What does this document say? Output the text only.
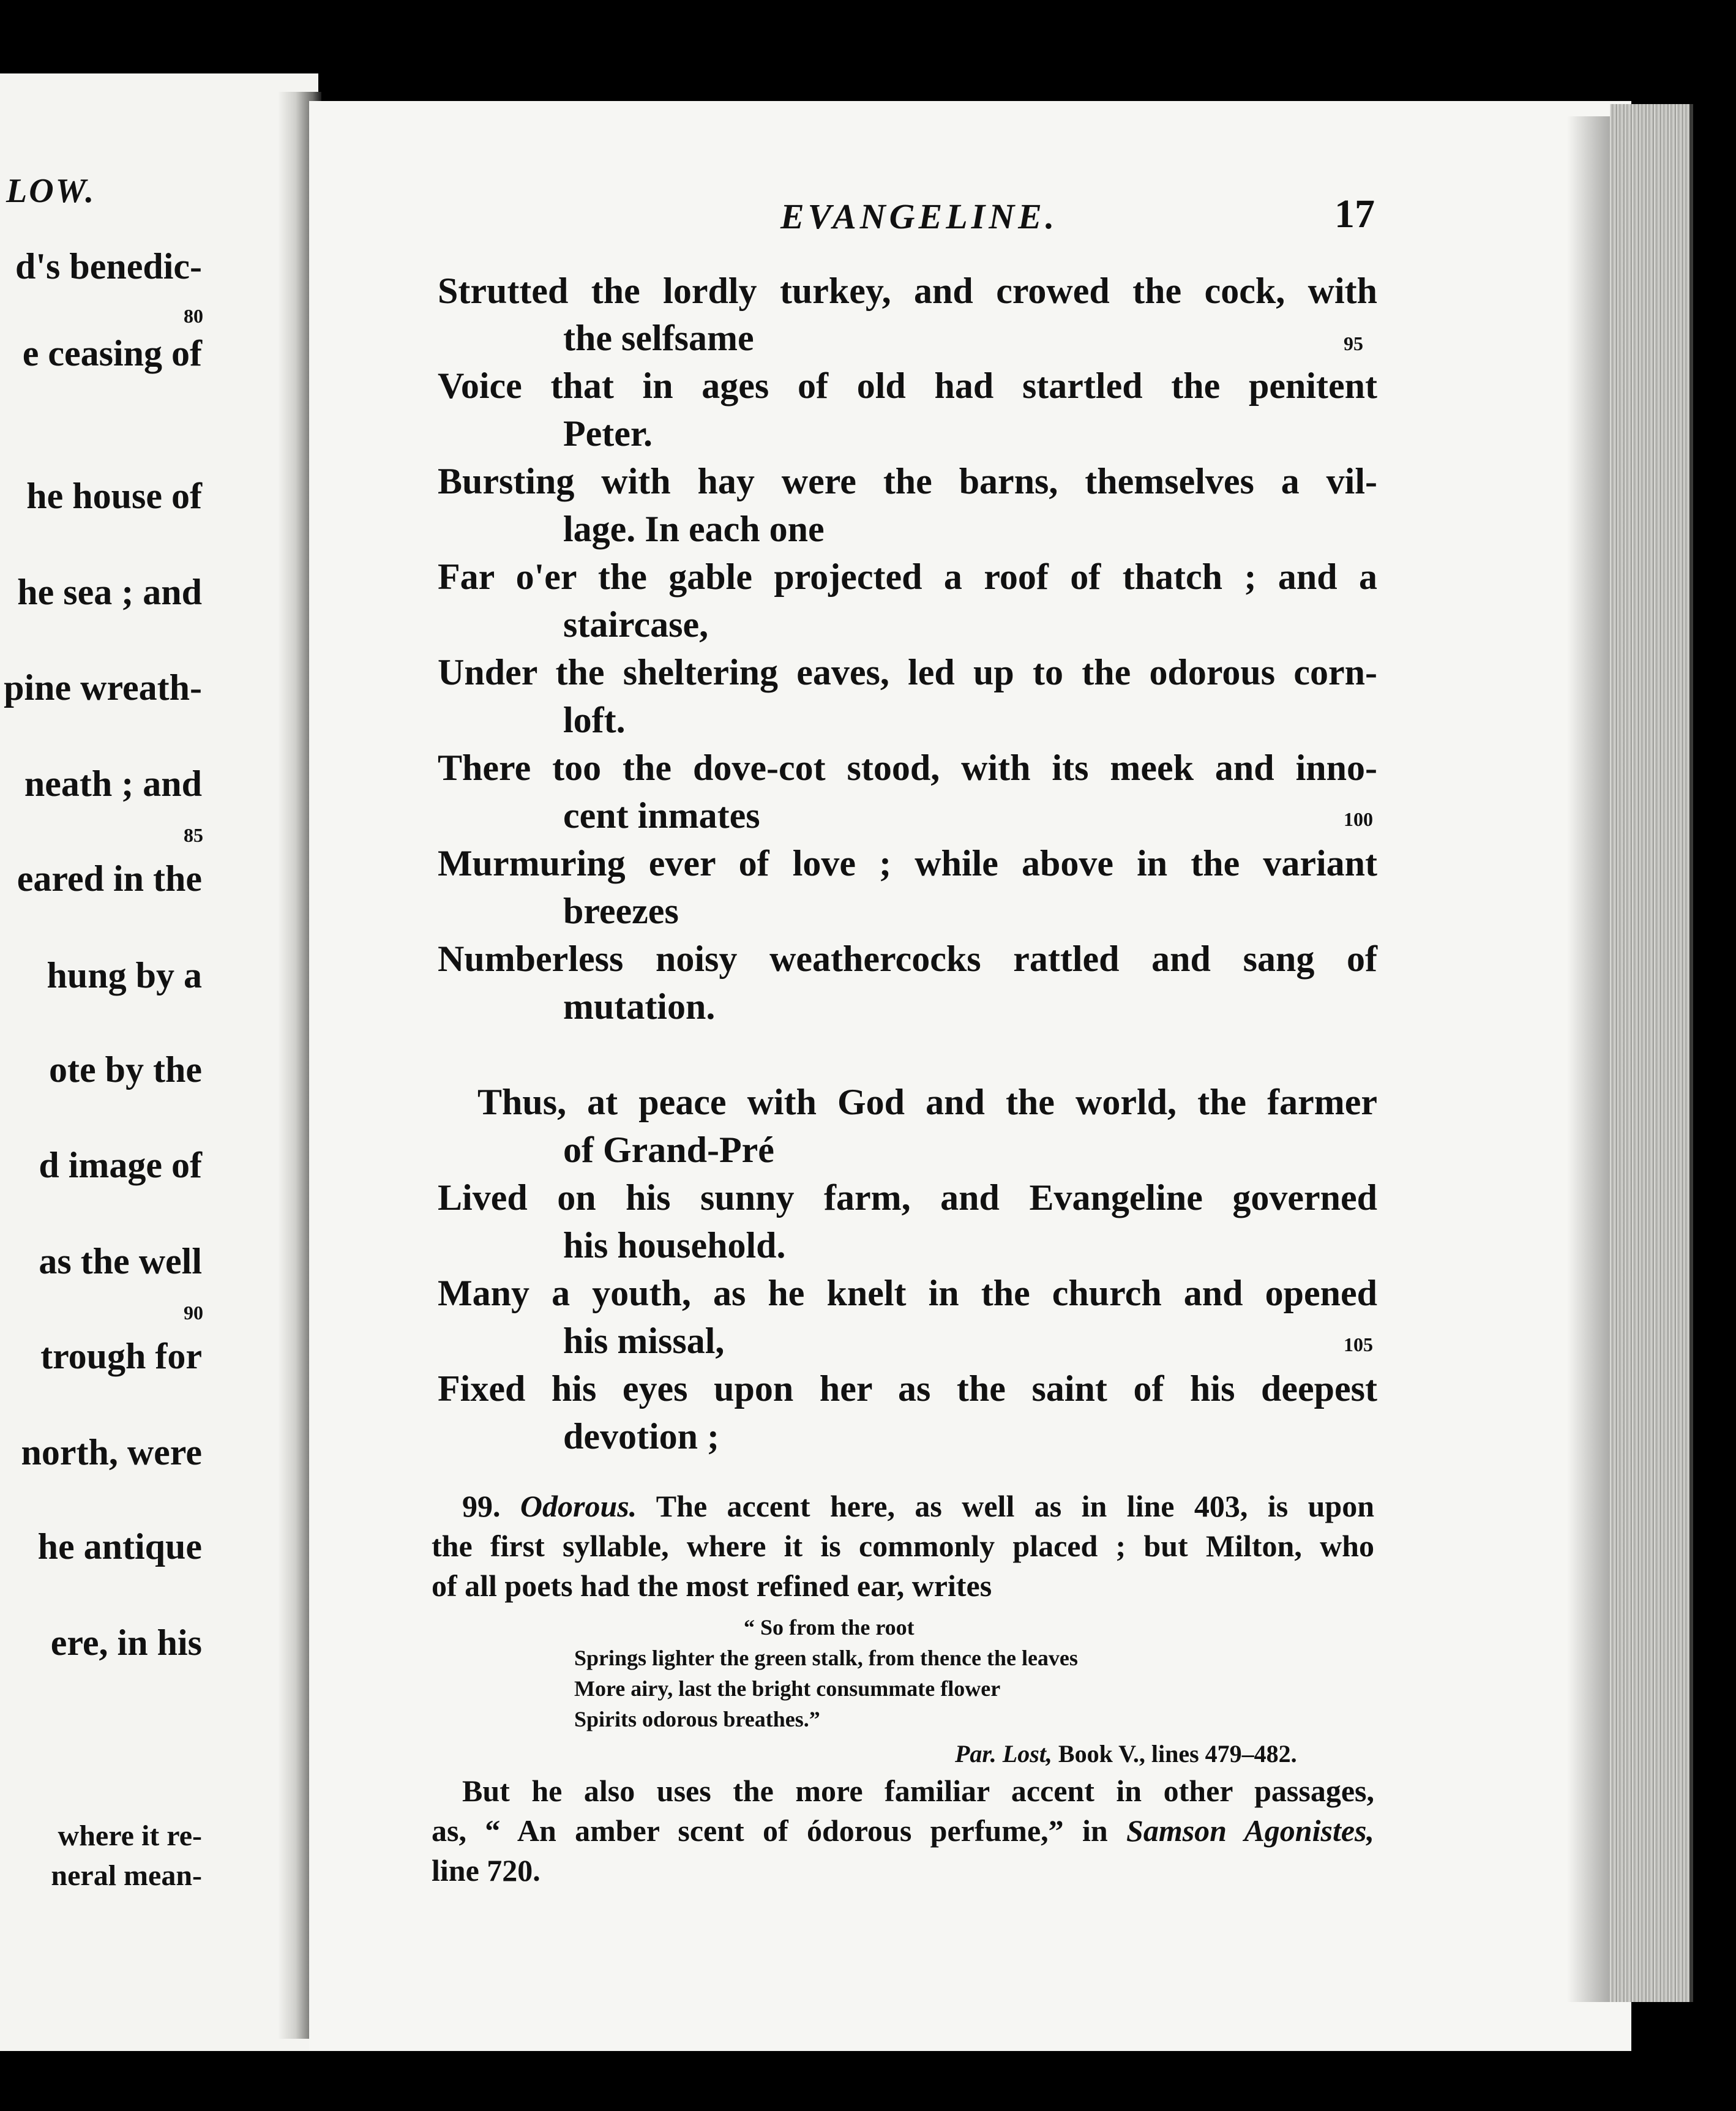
LOW.
d's benedic-
80
e ceasing of
he house of
he sea ; and
pine wreath-
neath ; and
85
eared in the
hung by a
ote by the
d image of
as the well
90
trough for
north, were
he antique
ere, in his
where it re-
neral mean-
EVANGELINE.	17
Strutted the lordly turkey, and crowed the cock, with
the selfsame	95
Voice that in ages of old had startled the penitent
Peter.
Bursting with hay were the barns, themselves a vil-
lage. In each one
Far o'er the gable projected a roof of thatch ; and a
staircase,
Under the sheltering eaves, led up to the odorous corn-
loft.
There too the dove-cot stood, with its meek and inno-
cent inmates	100
Murmuring ever of love ; while above in the variant
breezes
Numberless noisy weathercocks rattled and sang of
mutation.
Thus, at peace with God and the world, the farmer
of Grand-Pré
Lived on his sunny farm, and Evangeline governed
his household.
Many a youth, as he knelt in the church and opened
his missal,	105
Fixed his eyes upon her as the saint of his deepest
devotion ;
99. Odorous. The accent here, as well as in line 403, is upon
the first syllable, where it is commonly placed ; but Milton, who
of all poets had the most refined ear, writes
“ So from the root
Springs lighter the green stalk, from thence the leaves
More airy, last the bright consummate flower
Spirits odorous breathes.”
Par. Lost, Book V., lines 479–482.
But he also uses the more familiar accent in other passages,
as, “ An amber scent of ódorous perfume,” in Samson Agonistes,
line 720.
